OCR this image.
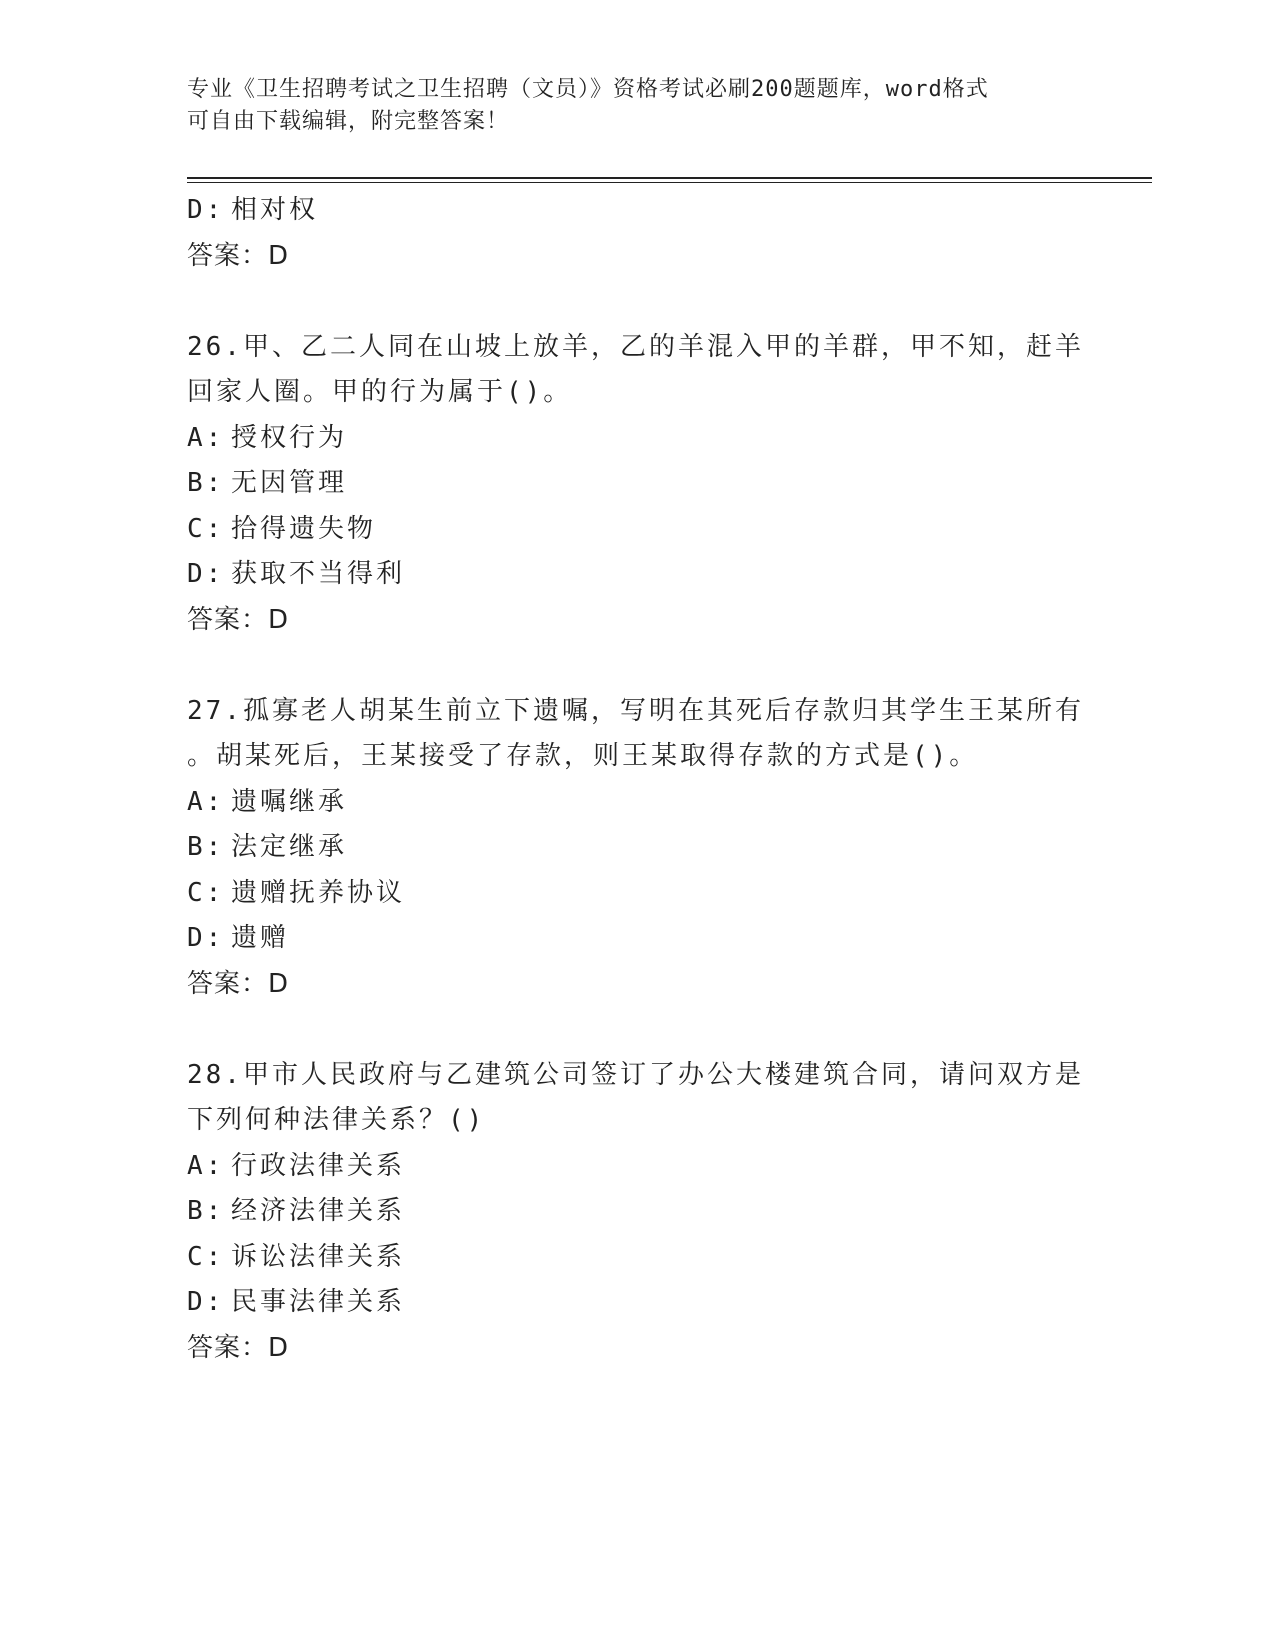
专业《卫生招聘考试之卫生招聘（文员）》资格考试必刷200题题库，word格式
可自由下载编辑，附完整答案！
D: 相对权
答案：D
26.甲、乙二人同在山坡上放羊，乙的羊混入甲的羊群，甲不知，赶羊
回家人圈。甲的行为属于()。
A: 授权行为
B: 无因管理
C: 拾得遗失物
D: 获取不当得利
答案：D
27.孤寡老人胡某生前立下遗嘱，写明在其死后存款归其学生王某所有
。胡某死后，王某接受了存款，则王某取得存款的方式是()。
A: 遗嘱继承
B: 法定继承
C: 遗赠抚养协议
D: 遗赠
答案：D
28.甲市人民政府与乙建筑公司签订了办公大楼建筑合同，请问双方是
下列何种法律关系？()
A: 行政法律关系
B: 经济法律关系
C: 诉讼法律关系
D: 民事法律关系
答案：D
